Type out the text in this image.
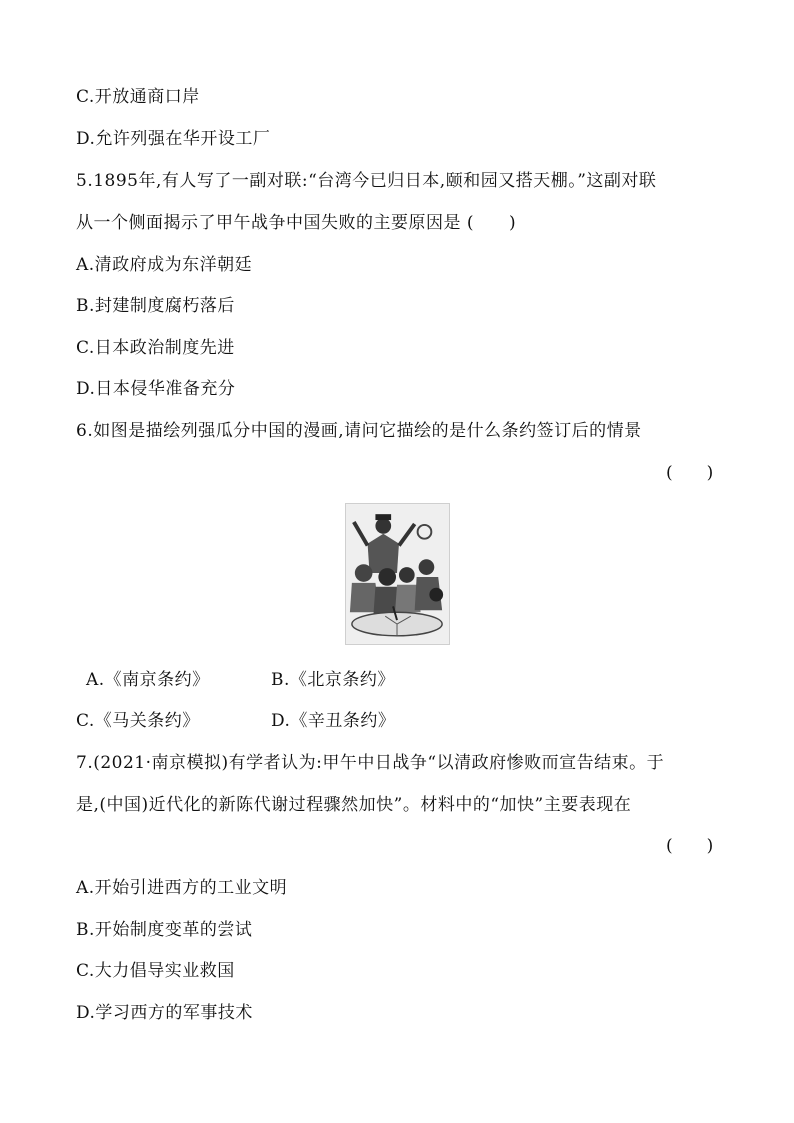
C.开放通商口岸
D.允许列强在华开设工厂
5.1895年,有人写了一副对联:“台湾今已归日本,颐和园又搭天棚。”这副对联
从一个侧面揭示了甲午战争中国失败的主要原因是 (　　)
A.清政府成为东洋朝廷
B.封建制度腐朽落后
C.日本政治制度先进
D.日本侵华准备充分
6.如图是描绘列强瓜分中国的漫画,请问它描绘的是什么条约签订后的情景
(　　)
A.《南京条约》	B.《北京条约》
C.《马关条约》	D.《辛丑条约》
7.(2021·南京模拟)有学者认为:甲午中日战争“以清政府惨败而宣告结束。于
是,(中国)近代化的新陈代谢过程骤然加快”。材料中的“加快”主要表现在
(　　)
A.开始引进西方的工业文明
B.开始制度变革的尝试
C.大力倡导实业救国
D.学习西方的军事技术
